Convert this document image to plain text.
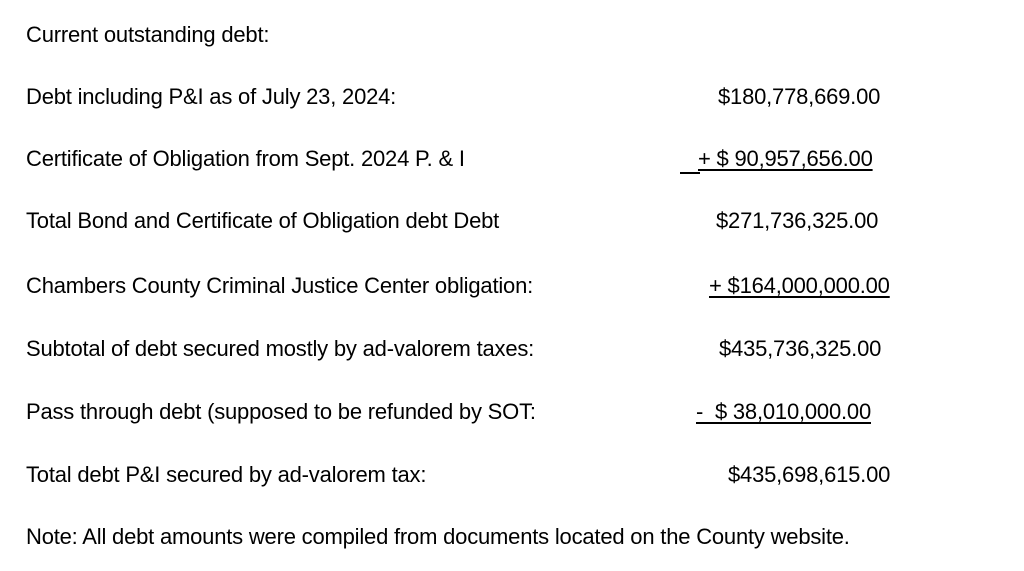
Current outstanding debt:
Debt including P&I as of July 23, 2024:	$180,778,669.00
Certificate of Obligation from Sept. 2024 P. & I	+ $ 90,957,656.00
Total Bond and Certificate of Obligation debt Debt	$271,736,325.00
Chambers County Criminal Justice Center obligation:	+ $164,000,000.00
Subtotal of debt secured mostly by ad-valorem taxes:	$435,736,325.00
Pass through debt (supposed to be refunded by SOT:	-  $ 38,010,000.00
Total debt P&I secured by ad-valorem tax:	$435,698,615.00
Note: All debt amounts were compiled from documents located on the County website.
